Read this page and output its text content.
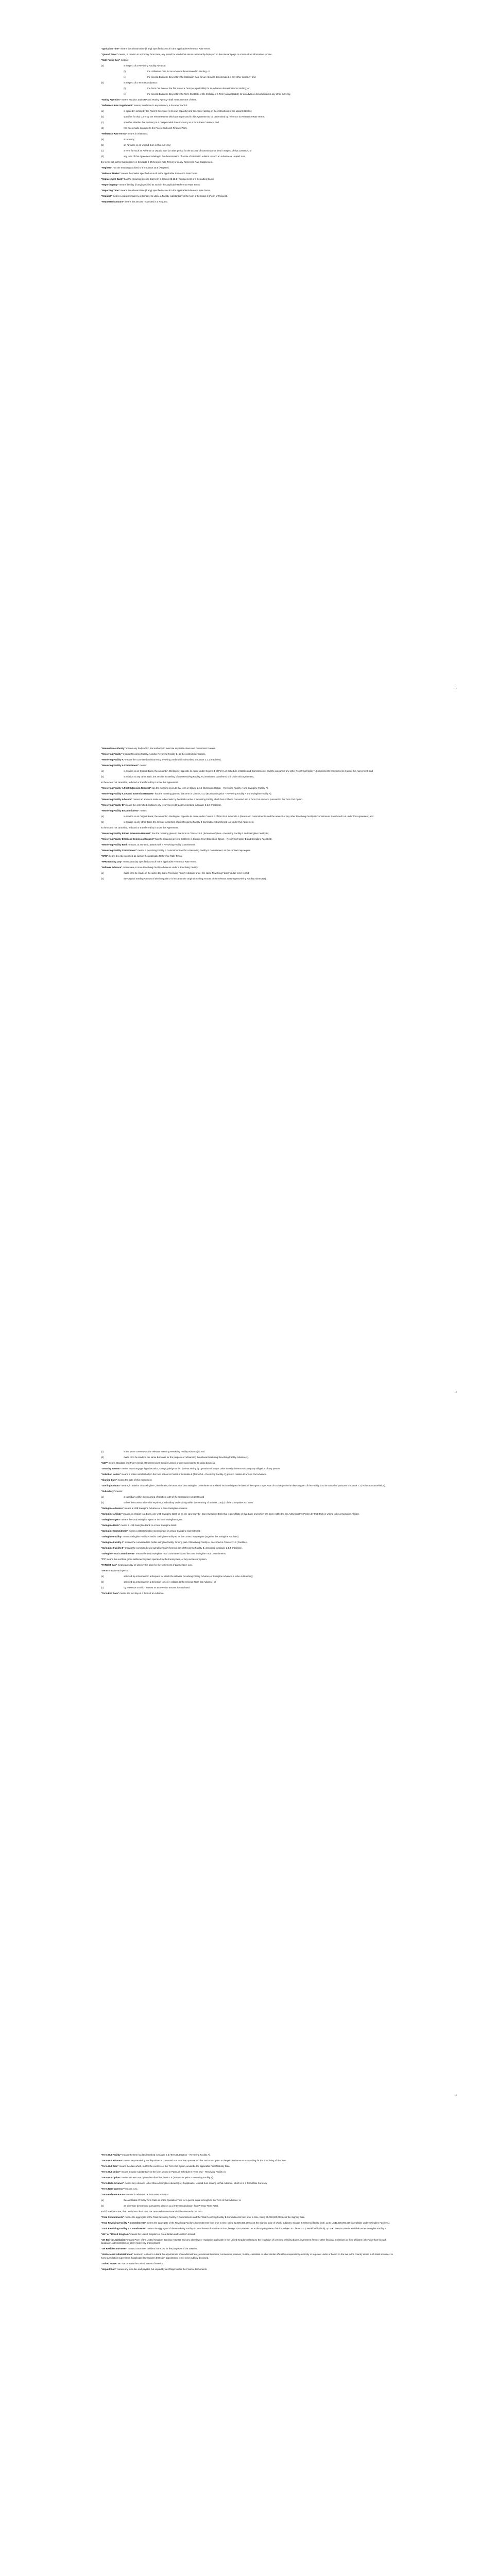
“Quotation Time” means the relevant time (if any) specified as such in the applicable Reference Rate Terms.
“Quoted Tenor” means, in relation to a Primary Term Rate, any period for which that rate is customarily displayed on the relevant page or screen of an information service.
“Rate Fixing Day” means:
(a)	in respect of a Revolving Facility Advance:
(i)	the Utilisation Date for an Advance denominated in Sterling; or
(ii)	the second Business Day before the Utilisation Date for an Advance denominated in any other currency; and
(b)	in respect of a Term Out Advance:
(i)	the Term Out Date or the first day of a Term (as applicable) for an Advance denominated in Sterling; or
(ii)	the second Business Day before the Term Out Date or the first day of a Term (as applicable) for an Advance denominated in any other currency.
“Rating Agencies” means Moody’s and S&P and “Rating Agency” shall mean any one of them.
“Reference Rate Supplement” means, in relation to any currency, a document which:
(a)	is agreed in writing by the Parent, the Agent (in its own capacity) and the Agent (acting on the instructions of the Majority Banks);
(b)	specifies for that currency the relevant terms which are expressed in this Agreement to be determined by reference to Reference Rate Terms;
(c)	specifies whether that currency is a Compounded Rate Currency or a Term Rate Currency; and
(d)	has been made available to the Parent and each Finance Party.
“Reference Rate Terms” means in relation to:
(a)	a currency;
(b)	an Advance or an Unpaid Sum in that currency;
(c)	a Term for such an Advance or Unpaid Sum (or other period for the accrual of commission or fees in respect of that currency); or
(d)	any term of this Agreement relating to the determination of a rate of interest in relation to such an Advance or Unpaid Sum,
the terms set out for that currency in Schedule 9 (Reference Rate Terms) or in any Reference Rate Supplement.
“Register” has the meaning ascribed to it in Clause 25.8 (Register).
“Relevant Market” means the market specified as such in the applicable Reference Rate Terms.
“Replacement Bank” has the meaning given to that term in Clause 25.12.1 (Replacement of a Defaulting Bank).
“Reporting Day” means the day (if any) specified as such in the applicable Reference Rate Terms.
“Reporting Time” means the relevant time (if any) specified as such in the applicable Reference Rate Terms.
“Request” means a request made by a Borrower to utilise a Facility, substantially in the form of Schedule 3 (Form of Request).
“Requested Amount” means the amount requested in a Request.
17
“Resolution Authority” means any body which has authority to exercise any Write-down and Conversion Powers.
“Revolving Facility” means Revolving Facility A and/or Revolving Facility B, as the context may require.
“Revolving Facility A” means the committed multicurrency revolving credit facility described in Clause 2.1.1 (Facilities).
“Revolving Facility A Commitment” means:
(a)	in relation to an Original Bank, the amount in Sterling set opposite its name under Column 1 of Part A of Schedule 1 (Banks and Commitments) and the amount of any other Revolving Facility A Commitments transferred to it under this Agreement; and
(b)	in relation to any other Bank, the amount in Sterling of any Revolving Facility A Commitment transferred to it under this Agreement,
to the extent not cancelled, reduced or transferred by it under this Agreement.
“Revolving Facility A First Extension Request” has the meaning given to that term in Clause 2.4.1 (Extension Option – Revolving Facility A and Swingline Facility A).
“Revolving Facility A Second Extension Request” has the meaning given to that term in Clause 2.4.2 (Extension Option – Revolving Facility A and Swingline Facility A).
“Revolving Facility Advance” means an advance made or to be made by the Banks under a Revolving Facility which has not been converted into a Term Out Advance pursuant to the Term Out Option.
“Revolving Facility B” means the committed multicurrency revolving credit facility described in Clause 2.1.3 (Facilities).
“Revolving Facility B Commitment” means:
(a)	in relation to an Original Bank, the amount in Sterling set opposite its name under Column 3 of Part B of Schedule 1 (Banks and Commitments) and the amount of any other Revolving Facility B Commitments transferred to it under this Agreement; and
(b)	in relation to any other Bank, the amount in Sterling of any Revolving Facility B Commitment transferred to it under this Agreement,
to the extent not cancelled, reduced or transferred by it under this Agreement.
“Revolving Facility B First Extension Request” has the meaning given to that term in Clause 2.6.1 (Extension Option – Revolving Facility B and Swingline Facility B).
“Revolving Facility B Second Extension Request” has the meaning given to that term in Clause 2.6.2 (Extension Option – Revolving Facility B and Swingline Facility B).
“Revolving Facility Bank” means, at any time, a Bank with a Revolving Facility Commitment.
“Revolving Facility Commitment” means a Revolving Facility A Commitment and/or a Revolving Facility B Commitment, as the context may require.
“RFR” means the rate specified as such in the applicable Reference Rate Terms.
“RFR Banking Day” means any day specified as such in the applicable Reference Rate Terms.
“Rollover Advance” means one or more Revolving Facility Advances under a Revolving Facility:
(a)	made or to be made on the same day that a Revolving Facility Advance under the same Revolving Facility is due to be repaid;
(b)	the Original Sterling Amount of which equals or is less than the Original Sterling Amount of the relevant maturing Revolving Facility Advance(s);
18
(c)	in the same currency as the relevant maturing Revolving Facility Advance(s); and
(d)	made or to be made to the same Borrower for the purpose of refinancing the relevant maturing Revolving Facility Advance(s).
“S&P” means Standard and Poor’s Credit Market Services Europe Limited or any successor to its rating business.
“Security Interest” means any mortgage, hypothecation, charge, pledge or lien (unless arising by operation of law) or other security interest securing any obligation of any person.
“Selection Notice” means a notice substantially in the form set out in Part B of Schedule 8 (Term Out – Revolving Facility A) given in relation to a Term Out Advance.
“Signing Date” means the date of this Agreement.
“Sterling Amount” means, in relation to a Swingline Commitment, the amount of that Swingline Commitment translated into Sterling on the basis of the Agent’s Spot Rate of Exchange on the date any part of the Facility is to be cancelled pursuant to Clause 7.1 (Voluntary cancellation).
“Subsidiary” means:
(a)	a subsidiary within the meaning of Section 1159 of the Companies Act 2006; and
(b)	unless the context otherwise requires, a subsidiary undertaking within the meaning of Section 1162(2) of the Companies Act 2006.
“Swingline Advance” means a US$ Swingline Advance or a Euro Swingline Advance.
“Swingline Affiliate” means, in relation to a Bank, any US$ Swingline Bank or, as the case may be, Euro Swingline Bank that is an Affiliate of that Bank and which has been notified to the Administrative Parties by that Bank in writing to be a Swingline Affiliate.
“Swingline Agent” means the US$ Swingline Agent or the Euro Swingline Agent.
“Swingline Bank” means a US$ Swingline Bank or a Euro Swingline Bank.
“Swingline Commitment” means a US$ Swingline Commitment or a Euro Swingline Commitment.
“Swingline Facility” means Swingline Facility A and/or Swingline Facility B, as the context may require (together the Swingline Facilities).
“Swingline Facility A” means the committed US Dollar swingline facility, forming part of Revolving Facility A, described in Clause 2.1.2 (Facilities).
“Swingline Facility B” means the committed euro swingline facility forming part of Revolving Facility B, described in Clause 2.1.4 (Facilities).
“Swingline Total Commitments” means the US$ Swingline Total Commitments and the Euro Swingline Total Commitments.
“T2” means the real time gross settlement system operated by the Eurosystem, or any successor system.
“TARGET Day” means any day on which T2 is open for the settlement of payments in euro.
“Term” means each period:
(a)	selected by a Borrower in a Request for which the relevant Revolving Facility Advance or Swingline Advance is to be outstanding;
(b)	selected by a Borrower in a Selection Notice in relation to the relevant Term Out Advance; or
(c)	by reference to which interest on an overdue amount is calculated.
“Term End Date” means the last day of a Term of an Advance.
19
“Term Out Facility” means the term facility described in Clause 2.5 (Term Out Option – Revolving Facility A).
“Term Out Advance” means any Revolving Facility Advance converted to a term loan pursuant to the Term Out Option or the principal amount outstanding for the time being of that loan.
“Term Out Date” means the date which, but for the exercise of the Term Out Option, would be the applicable Final Maturity Date.
“Term Out Notice” means a notice substantially in the form set out in Part A of Schedule 8 (Term Out – Revolving Facility A).
“Term Out Option” means the term out option described in Clause 2.5 (Term Out Option – Revolving Facility A).
“Term Rate Advance” means any Advance (other than a Swingline Advance) or, if applicable, Unpaid Sum relating to that Advance, which is in a Term Rate Currency.
“Term Rate Currency” means euro.
“Term Reference Rate” means in relation to a Term Rate Advance:
(a)	the applicable Primary Term Rate as of the Quotation Time for a period equal in length to the Term of that Advance; or
(b)	as otherwise determined pursuant to Clause 11.1 (Interest calculation if no Primary Term Rate),
and if, in either case, that rate is less than zero, the Term Reference Rate shall be deemed to be zero.
“Total Commitments” means the aggregate of the Total Revolving Facility A Commitments and the Total Revolving Facility B Commitments from time to time, being £5,000,000,000 as at the Signing Date.
“Total Revolving Facility A Commitments” means the aggregate of the Revolving Facility A Commitments from time to time, being £2,500,000,000 as at the Signing Date of which, subject to Clause 2.2 (Overall facility limit), up to US$2,500,000,000 is available under Swingline Facility A).
“Total Revolving Facility B Commitments” means the aggregate of the Revolving Facility B Commitments from time to time, being £2,500,000,000 as at the Signing Date of which, subject to Clause 2.2 (Overall facility limit), up to €1,000,000,000 is available under Swingline Facility B.
“UK” or “United Kingdom” means the United Kingdom of Great Britain and Northern Ireland.
“UK Bail-in Legislation” means Part I of the United Kingdom Banking Act 2009 and any other law or regulation applicable in the United Kingdom relating to the resolution of unsound or failing banks, investment firms or other financial institutions or their affiliates (otherwise than through liquidation, administration or other insolvency proceedings).
“UK Resident Borrower” means a Borrower resident in the UK for the purposes of UK taxation.
“Undisclosed Administration” means in relation to a Bank the appointment of an administrator, provisional liquidator, conservator, receiver, trustee, custodian or other similar official by a supervisory authority or regulator under or based on the law in the country where such Bank is subject to home jurisdiction supervision if applicable law requires that such appointment is not to be publicly disclosed.
“United States” or “US” means the United States of America.
“Unpaid Sum” means any sum due and payable but unpaid by an Obligor under the Finance Documents.
